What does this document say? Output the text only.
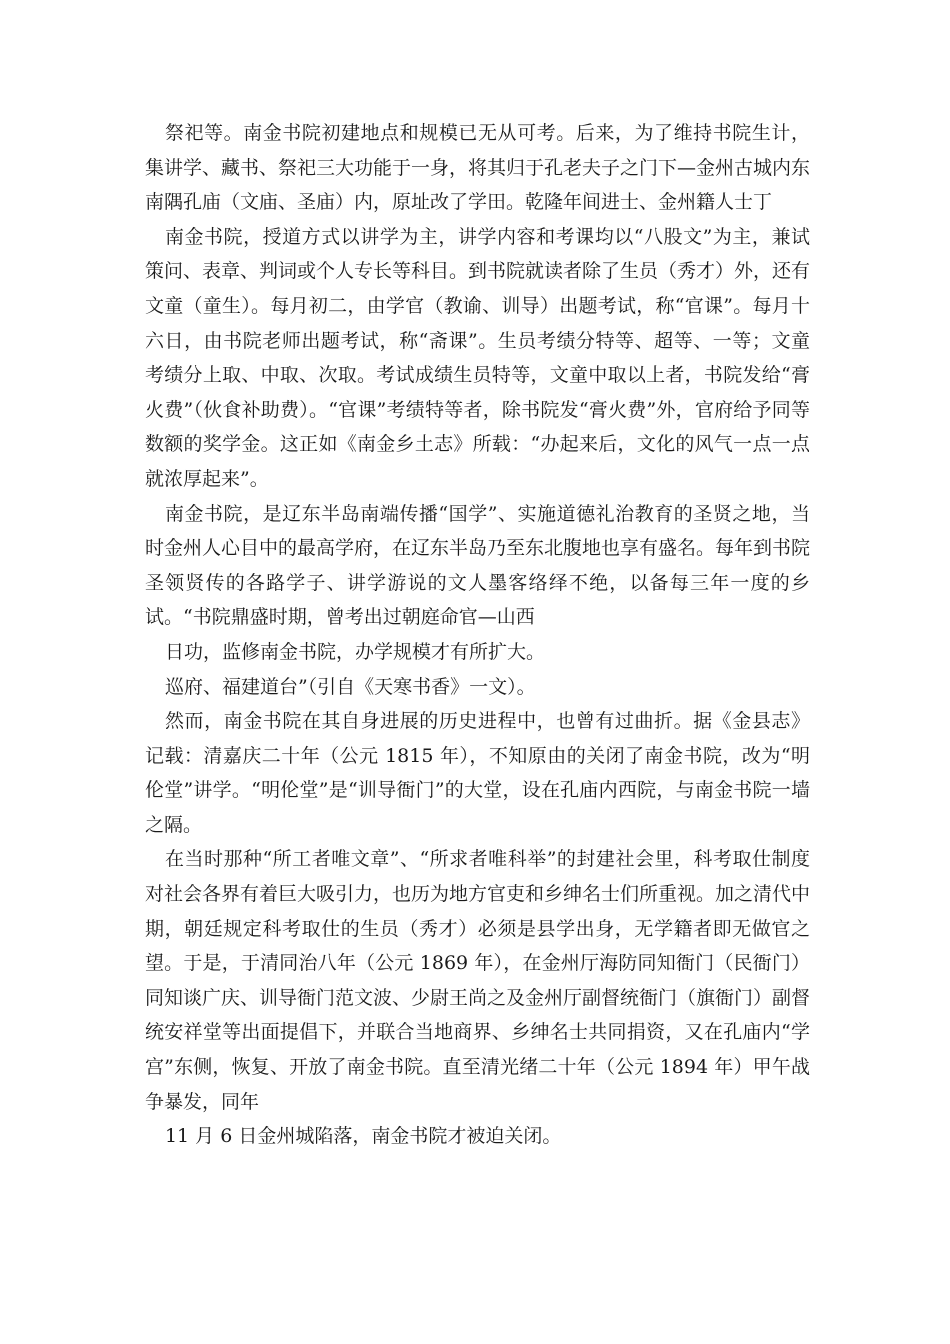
祭祀等。南金书院初建地点和规模已无从可考。后来，为了维持书院生计，集讲学、藏书、祭祀三大功能于一身，将其归于孔老夫子之门下—金州古城内东南隅孔庙（文庙、圣庙）内，原址改了学田。乾隆年间进士、金州籍人士丁

南金书院，授道方式以讲学为主，讲学内容和考课均以“八股文”为主，兼试策问、表章、判词或个人专长等科目。到书院就读者除了生员（秀才）外，还有文童（童生）。每月初二，由学官（教谕、训导）出题考试，称“官课”。每月十六日，由书院老师出题考试，称“斋课”。生员考绩分特等、超等、一等；文童考绩分上取、中取、次取。考试成绩生员特等，文童中取以上者，书院发给“膏火费”（伙食补助费）。“官课”考绩特等者，除书院发“膏火费”外，官府给予同等数额的奖学金。这正如《南金乡土志》所载：“办起来后，文化的风气一点一点就浓厚起来”。

南金书院，是辽东半岛南端传播“国学”、实施道德礼治教育的圣贤之地，当时金州人心目中的最高学府，在辽东半岛乃至东北腹地也享有盛名。每年到书院圣领贤传的各路学子、讲学游说的文人墨客络绎不绝，以备每三年一度的乡试。“书院鼎盛时期，曾考出过朝庭命官—山西

日功，监修南金书院，办学规模才有所扩大。

巡府、福建道台”（引自《天寒书香》一文）。

然而，南金书院在其自身进展的历史进程中，也曾有过曲折。据《金县志》记载：清嘉庆二十年（公元 1815 年），不知原由的关闭了南金书院，改为“明伦堂”讲学。“明伦堂”是“训导衙门”的大堂，设在孔庙内西院，与南金书院一墙之隔。

在当时那种“所工者唯文章”、“所求者唯科举”的封建社会里，科考取仕制度对社会各界有着巨大吸引力，也历为地方官吏和乡绅名士们所重视。加之清代中期，朝廷规定科考取仕的生员（秀才）必须是县学出身，无学籍者即无做官之望。于是，于清同治八年（公元 1869 年），在金州厅海防同知衙门（民衙门）同知谈广庆、训导衙门范文波、少尉王尚之及金州厅副督统衙门（旗衙门）副督统安祥堂等出面提倡下，并联合当地商界、乡绅名士共同捐资，又在孔庙内“学宫”东侧，恢复、开放了南金书院。直至清光绪二十年（公元 1894 年）甲午战争暴发，同年

11 月 6 日金州城陷落，南金书院才被迫关闭。
